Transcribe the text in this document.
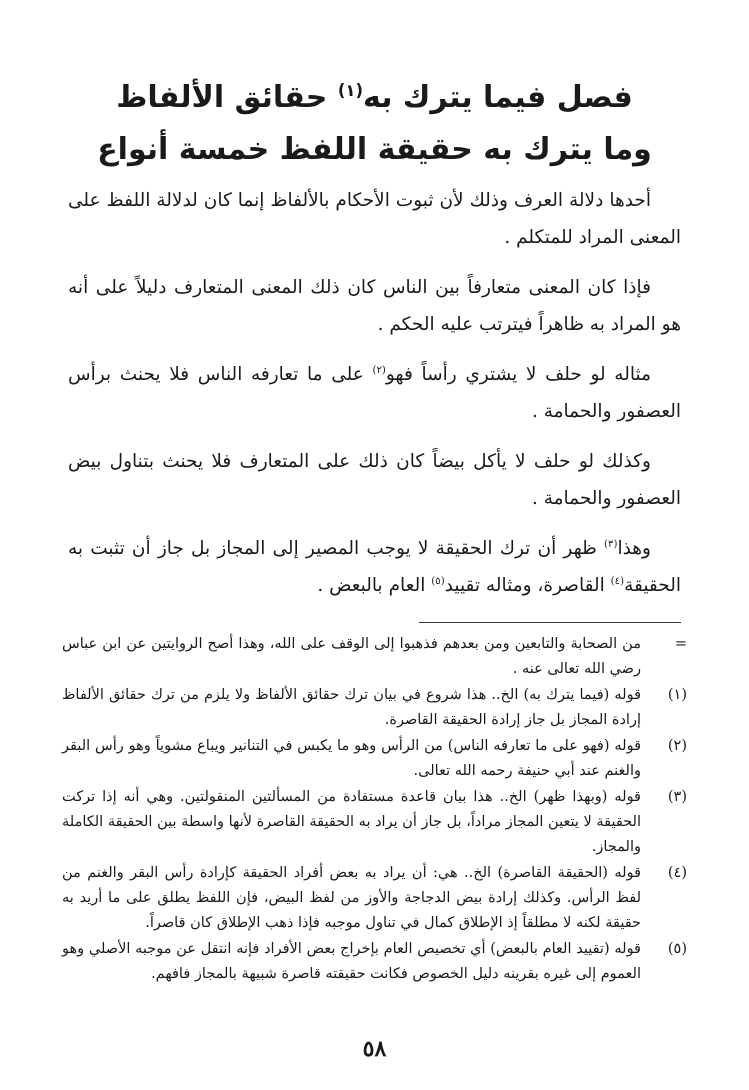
فصل فيما يترك به$^{(١)}$ حقائق الألفاظ
وما يترك به حقيقة اللفظ خمسة أنواع

أحدها دلالة العرف وذلك لأن ثبوت الأحكام بالألفاظ إنما كان لدلالة اللفظ على المعنى المراد للمتكلم .

فإذا كان المعنى متعارفاً بين الناس كان ذلك المعنى المتعارف دليلاً على أنه هو المراد به ظاهراً فيترتب عليه الحكم .

مثاله لو حلف لا يشتري رأساً فهو$^{(٢)}$ على ما تعارفه الناس فلا يحنث برأس العصفور والحمامة .

وكذلك لو حلف لا يأكل بيضاً كان ذلك على المتعارف فلا يحنث بتناول بيض العصفور والحمامة .

وهذا$^{(٣)}$ ظهر أن ترك الحقيقة لا يوجب المصير إلى المجاز بل جاز أن تثبت به الحقيقة$^{(٤)}$ القاصرة، ومثاله تقييد$^{(٥)}$ العام بالبعض .

=
من الصحابة والتابعين ومن بعدهم فذهبوا إلى الوقف على الله، وهذا أصح الروايتين عن ابن عباس رضي الله تعالى عنه .
(١)
قوله (فيما يترك به) الخ.. هذا شروع في بيان ترك حقائق الألفاظ ولا يلزم من ترك حقائق الألفاظ إرادة المجاز بل جاز إرادة الحقيقة القاصرة.
(٢)
قوله (فهو على ما تعارفه الناس) من الرأس وهو ما يكبس في التنانير ويباع مشوياً وهو رأس البقر والغنم عند أبي حنيفة رحمه الله تعالى.
(٣)
قوله (وبهذا ظهر) الخ.. هذا بيان قاعدة مستفادة من المسألتين المنقولتين. وهي أنه إذا تركت الحقيقة لا يتعين المجاز مراداً، بل جاز أن يراد به الحقيقة القاصرة لأنها واسطة بين الحقيقة الكاملة والمجاز.
(٤)
قوله (الحقيقة القاصرة) الخ.. هي: أن يراد به بعض أفراد الحقيقة كإرادة رأس البقر والغنم من لفظ الرأس. وكذلك إرادة بيض الدجاجة والأوز من لفظ البيض، فإن اللفظ يطلق على ما أريد به حقيقة لكنه لا مطلقاً إذ الإطلاق كمال في تناول موجبه فإذا ذهب الإطلاق كان قاصراً.
(٥)
قوله (تقييد العام بالبعض) أي تخصيص العام بإخراج بعض الأفراد فإنه انتقل عن موجبه الأصلي وهو العموم إلى غيره بقرينه دليل الخصوص فكانت حقيقته قاصرة شبيهة بالمجاز فافهم.
٥٨
